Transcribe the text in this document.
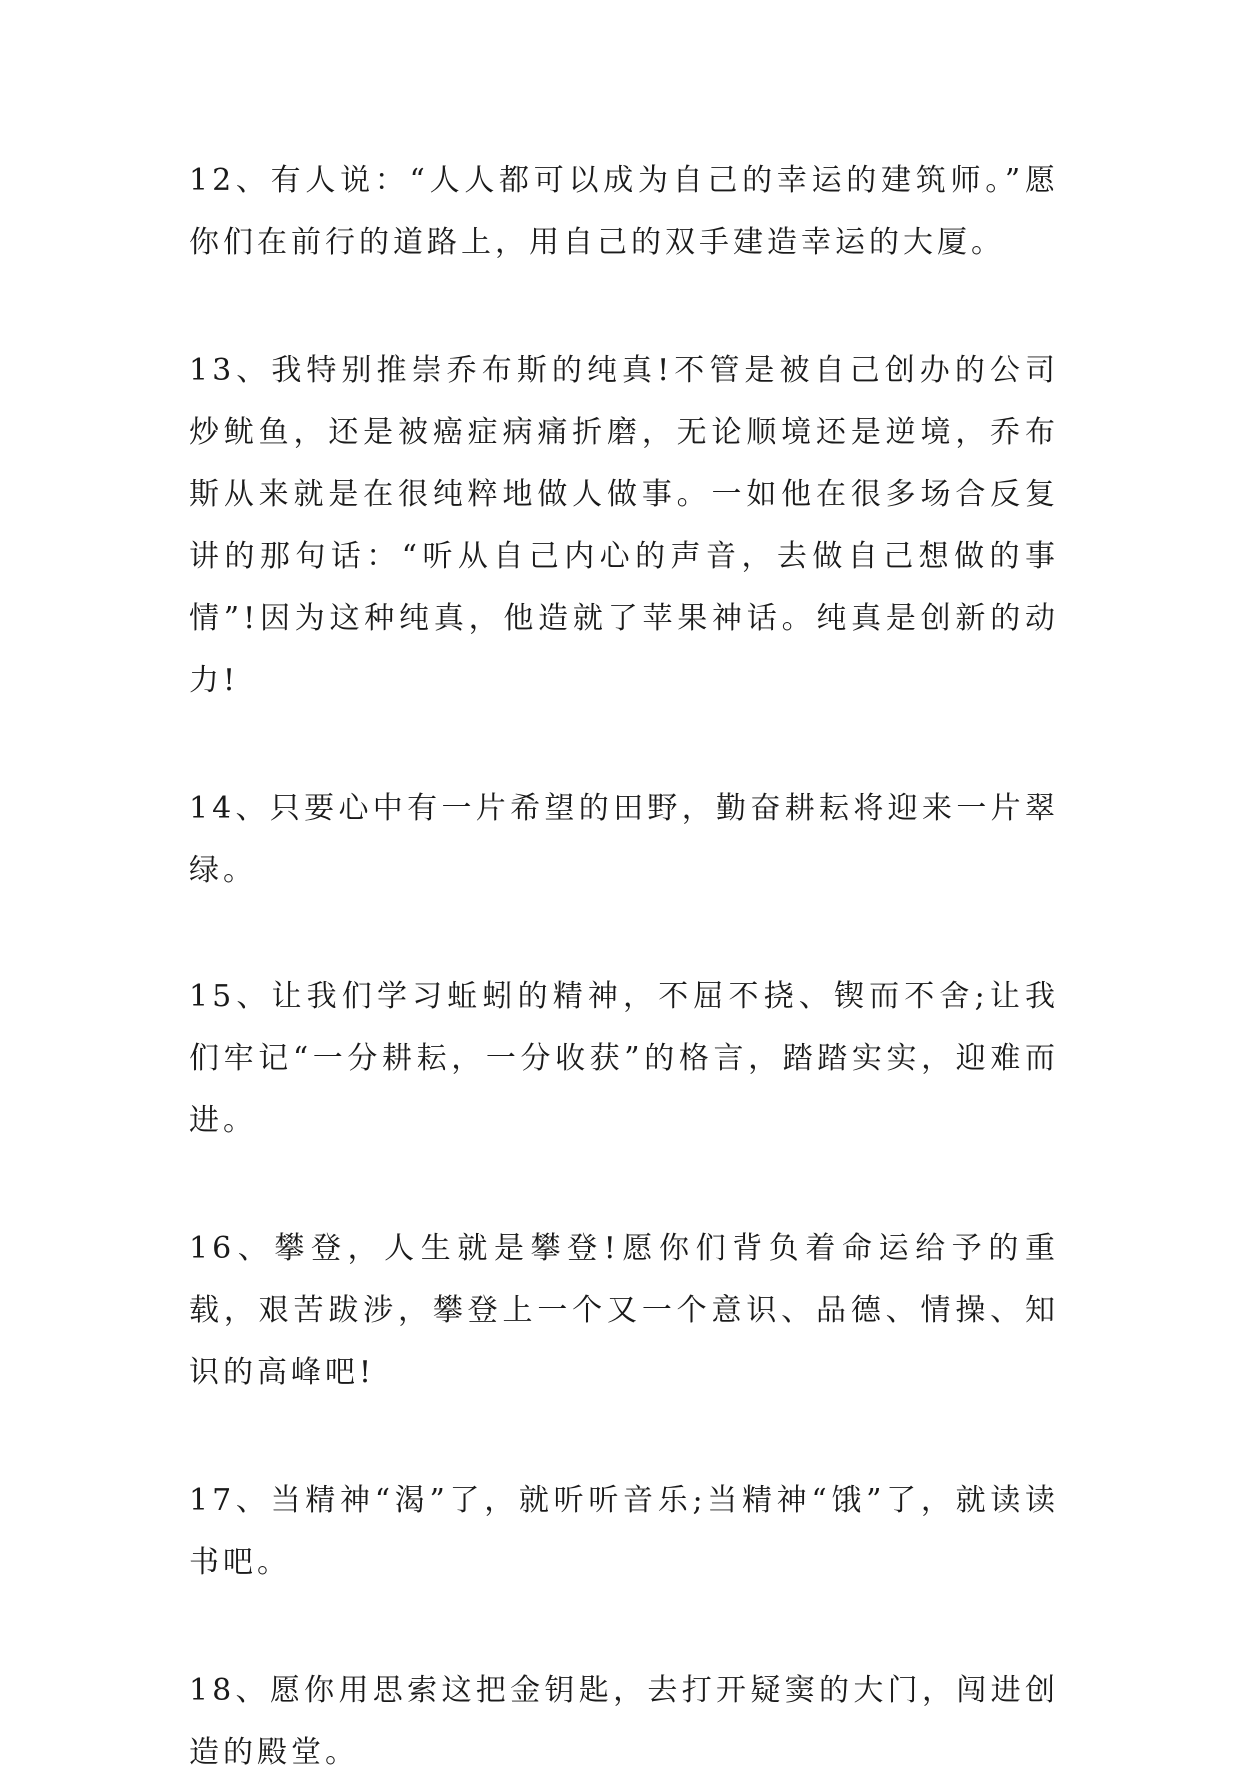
12、有人说：“人人都可以成为自己的幸运的建筑师。”愿你们在前行的道路上，用自己的双手建造幸运的大厦。

13、我特别推崇乔布斯的纯真!不管是被自己创办的公司炒鱿鱼，还是被癌症病痛折磨，无论顺境还是逆境，乔布斯从来就是在很纯粹地做人做事。一如他在很多场合反复讲的那句话：“听从自己内心的声音，去做自己想做的事情”!因为这种纯真，他造就了苹果神话。纯真是创新的动力!

14、只要心中有一片希望的田野，勤奋耕耘将迎来一片翠绿。

15、让我们学习蚯蚓的精神，不屈不挠、锲而不舍;让我们牢记“一分耕耘，一分收获”的格言，踏踏实实，迎难而进。

16、攀登，人生就是攀登!愿你们背负着命运给予的重载，艰苦跋涉，攀登上一个又一个意识、品德、情操、知识的高峰吧!

17、当精神“渴”了，就听听音乐;当精神“饿”了，就读读书吧。

18、愿你用思索这把金钥匙，去打开疑窦的大门，闯进创造的殿堂。
